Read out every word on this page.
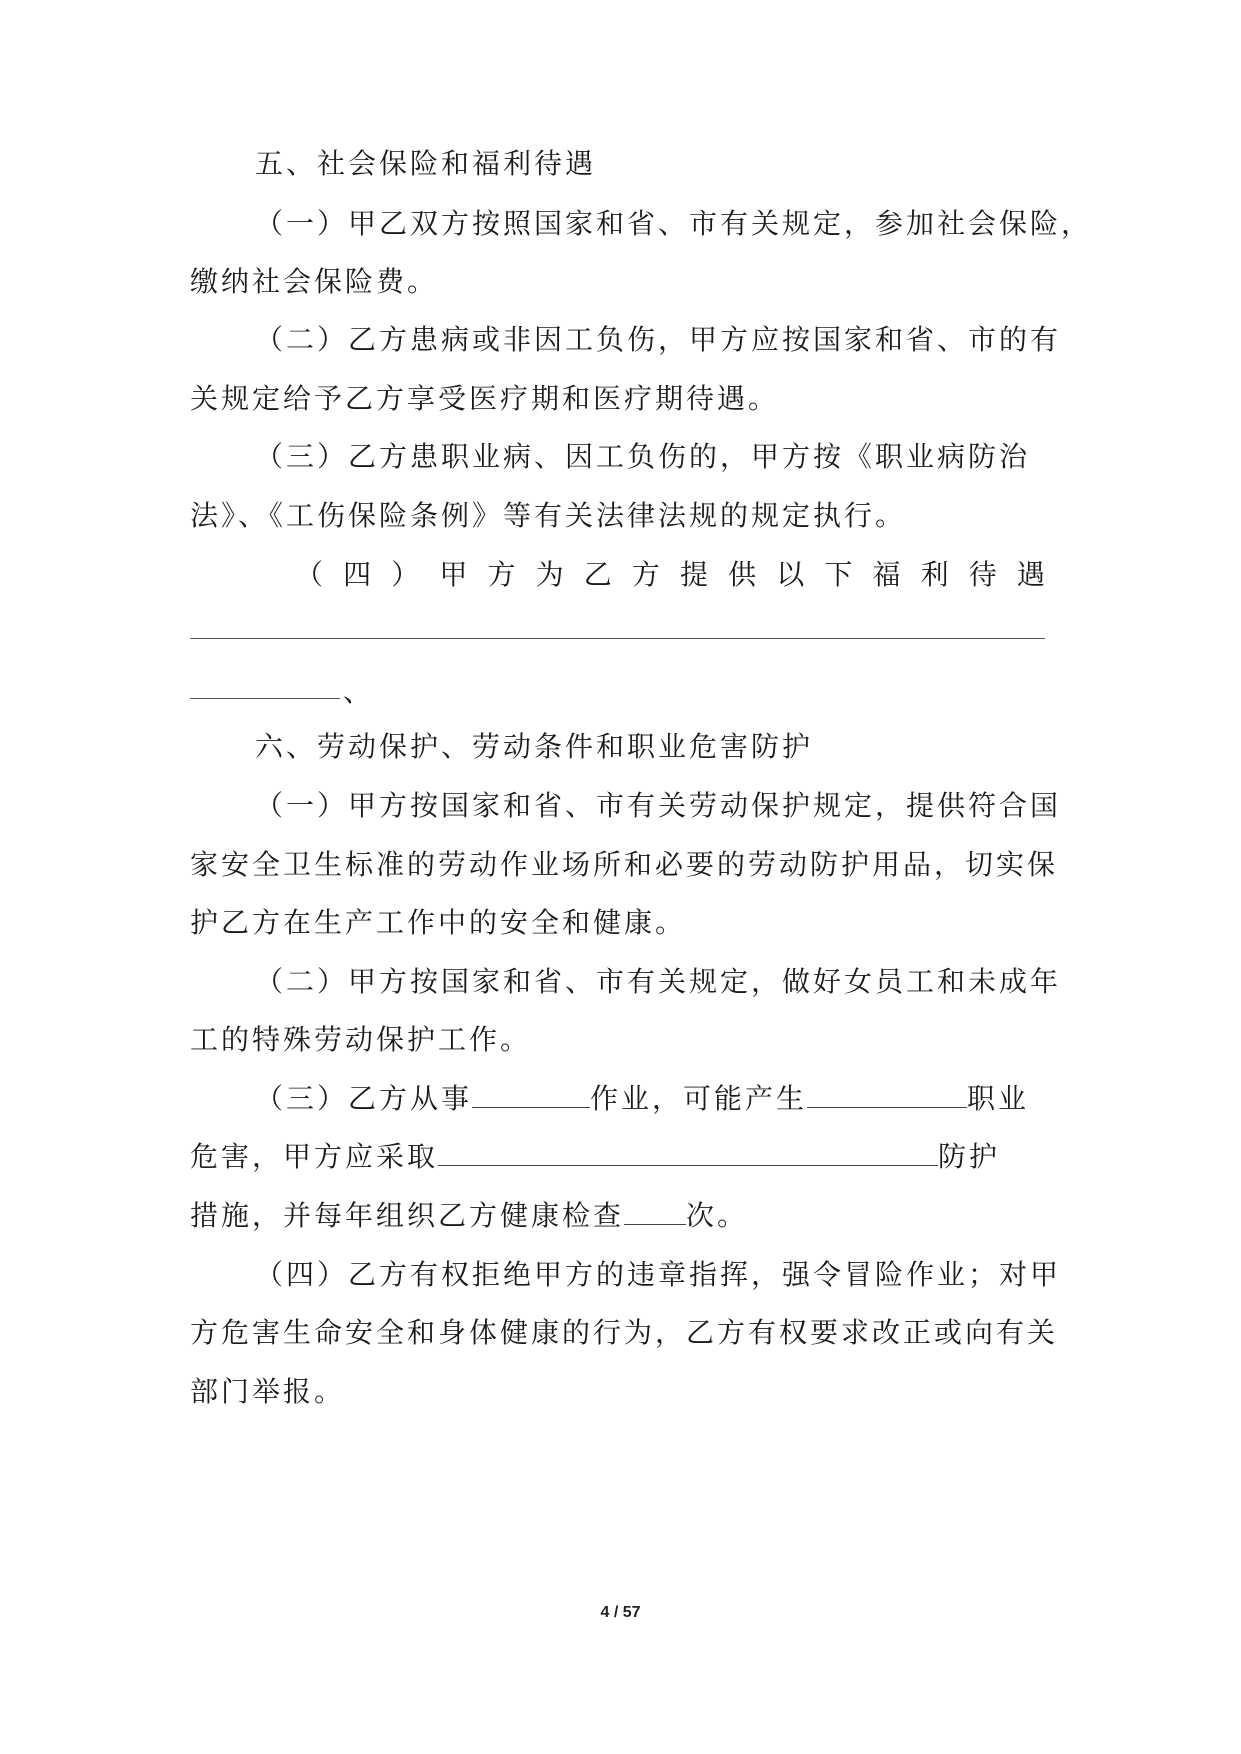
五、社会保险和福利待遇
（一）甲乙双方按照国家和省、市有关规定，参加社会保险，
缴纳社会保险费。
（二）乙方患病或非因工负伤，甲方应按国家和省、市的有
关规定给予乙方享受医疗期和医疗期待遇。
（三）乙方患职业病、因工负伤的，甲方按《职业病防治
法》、《工伤保险条例》等有关法律法规的规定执行。
（ 四 ） 甲 方 为 乙 方 提 供 以 下 福 利 待 遇
、
六、劳动保护、劳动条件和职业危害防护
（一）甲方按国家和省、市有关劳动保护规定，提供符合国
家安全卫生标准的劳动作业场所和必要的劳动防护用品，切实保
护乙方在生产工作中的安全和健康。
（二）甲方按国家和省、市有关规定，做好女员工和未成年
工的特殊劳动保护工作。
（三）乙方从事	作业，可能产生	职业
危害，甲方应采取	防护
措施，并每年组织乙方健康检查 次。
（四）乙方有权拒绝甲方的违章指挥，强令冒险作业；对甲
方危害生命安全和身体健康的行为，乙方有权要求改正或向有关
部门举报。
4 / 57
